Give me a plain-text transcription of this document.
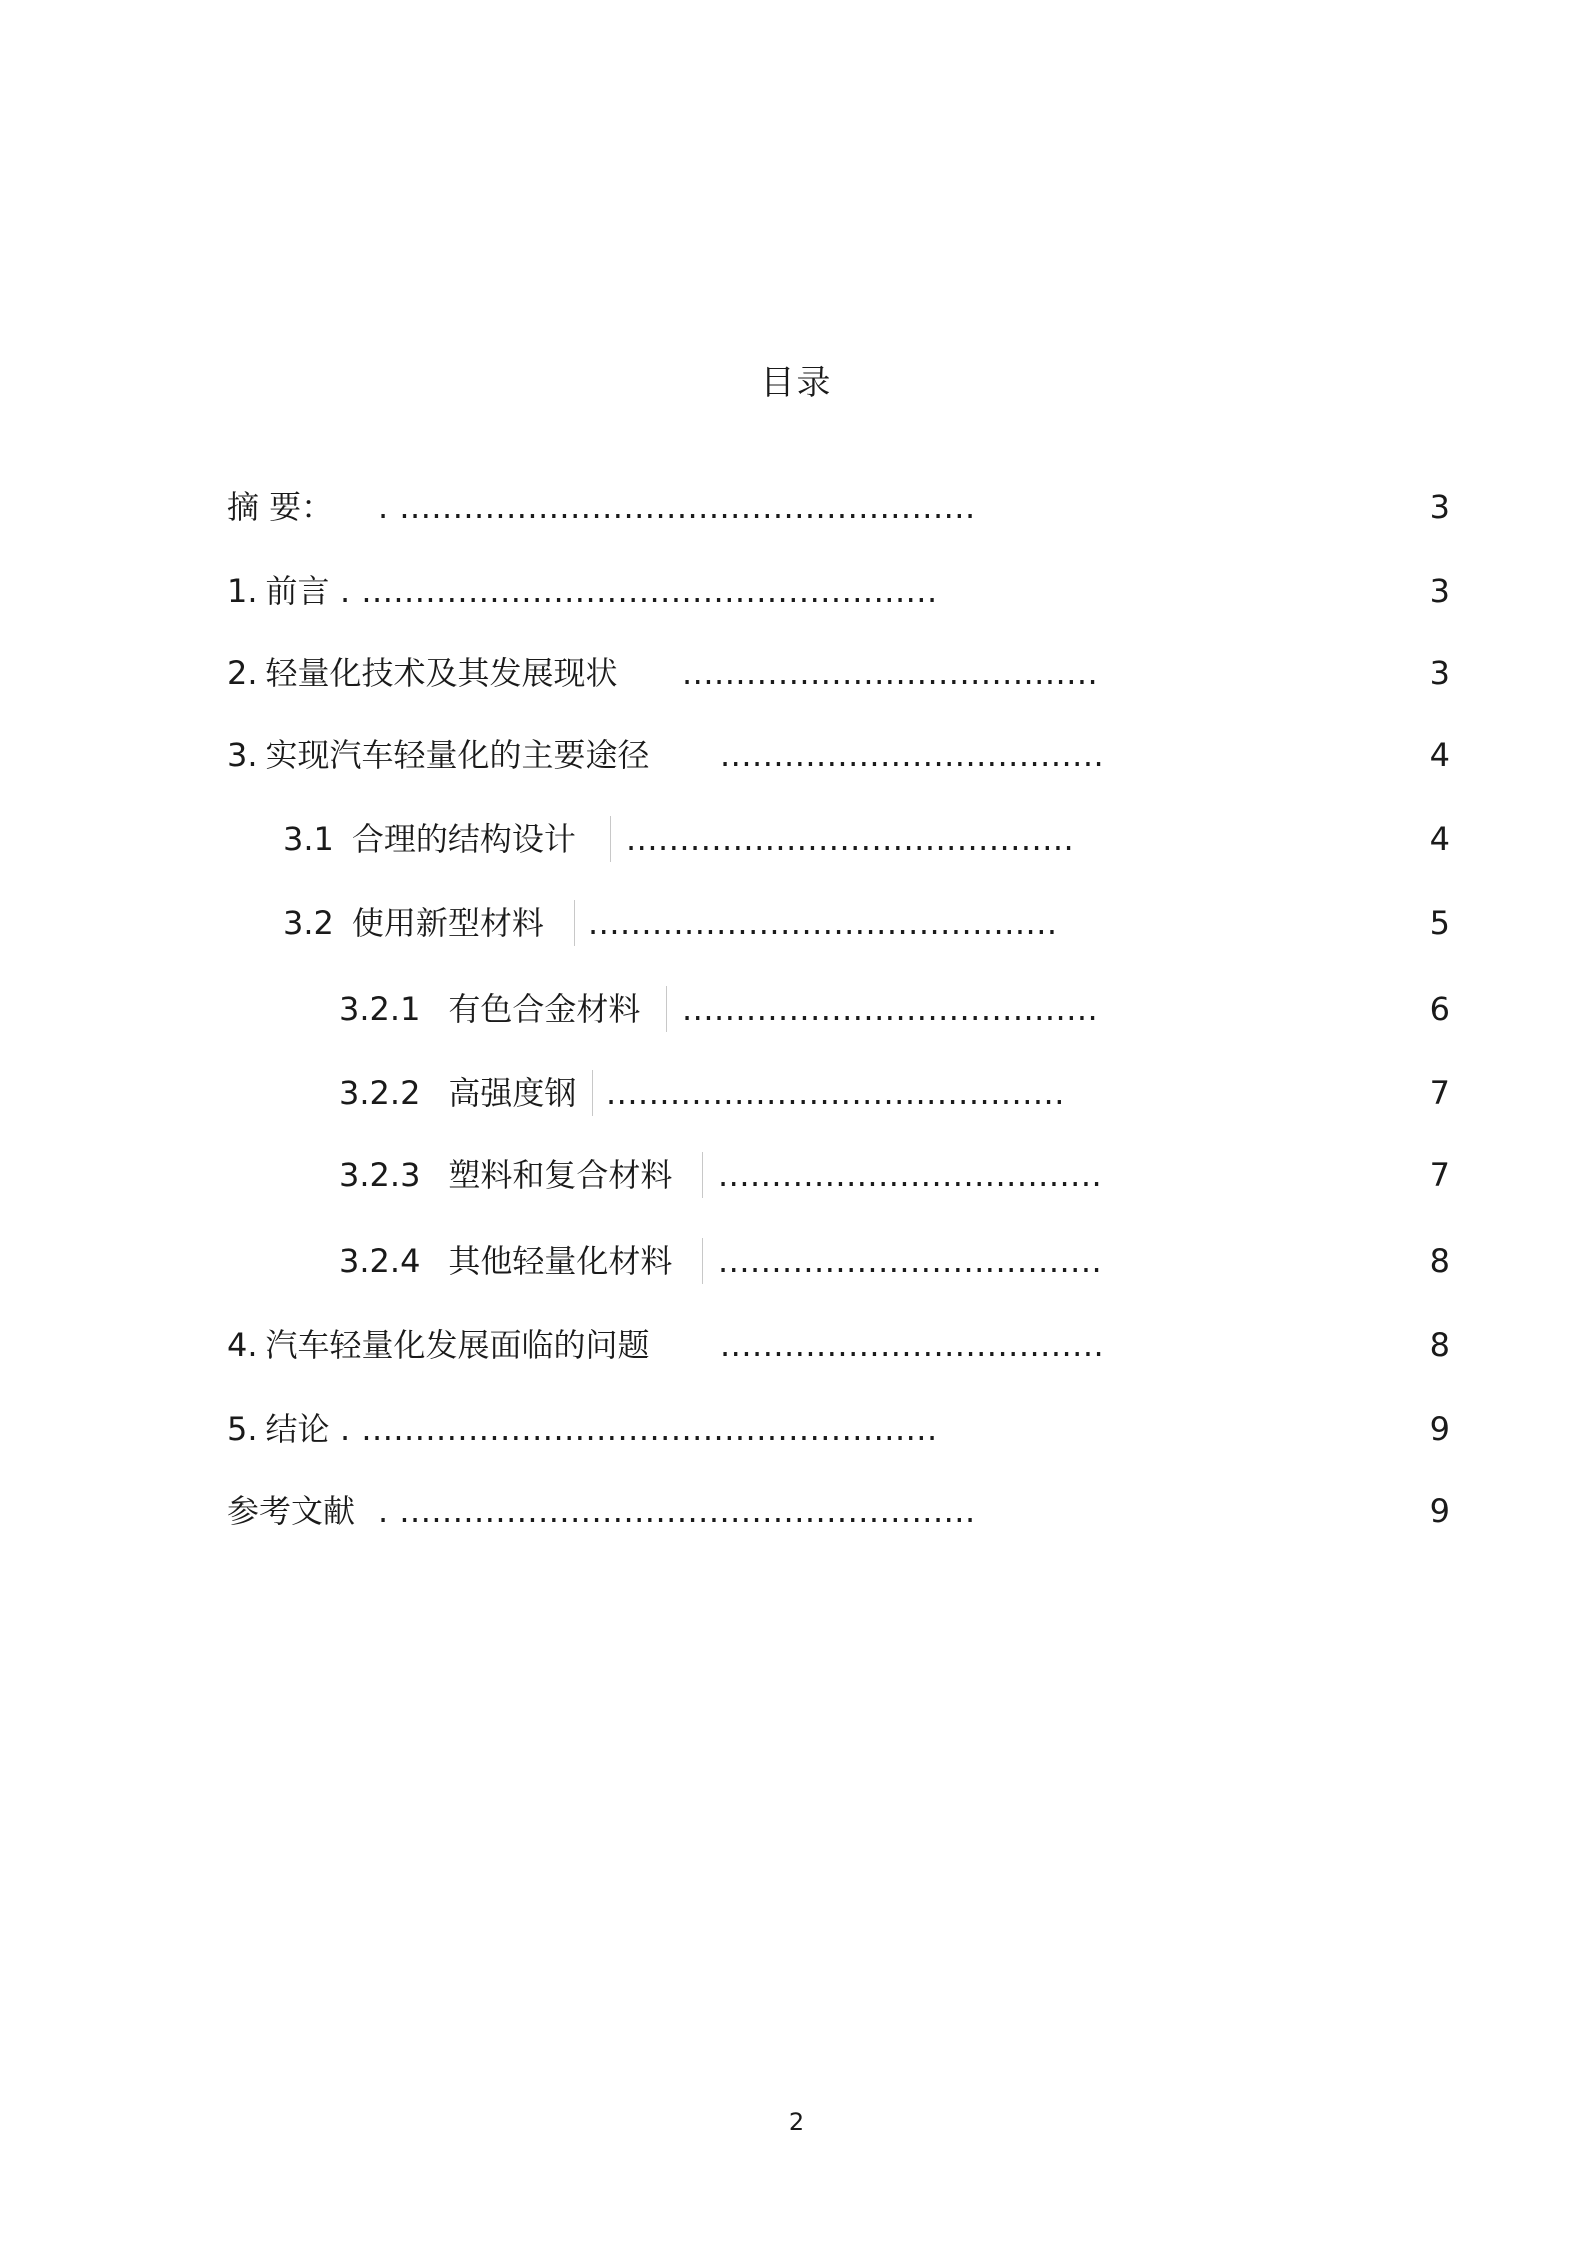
目录
摘 要： . ......................................................	3
1. 前言 . ......................................................	3
2. 轻量化技术及其发展现状 .......................................	3
3. 实现汽车轻量化的主要途径 ....................................	4
3.1 合理的结构设计 ..........................................	4
3.2 使用新型材料 ............................................	5
3.2.1 有色合金材料 .......................................	6
3.2.2 高强度钢 ...........................................	7
3.2.3 塑料和复合材料 ....................................	7
3.2.4 其他轻量化材料 ....................................	8
4. 汽车轻量化发展面临的问题 ....................................	8
5. 结论 . ......................................................	9
参考文献 . ......................................................	9
2
